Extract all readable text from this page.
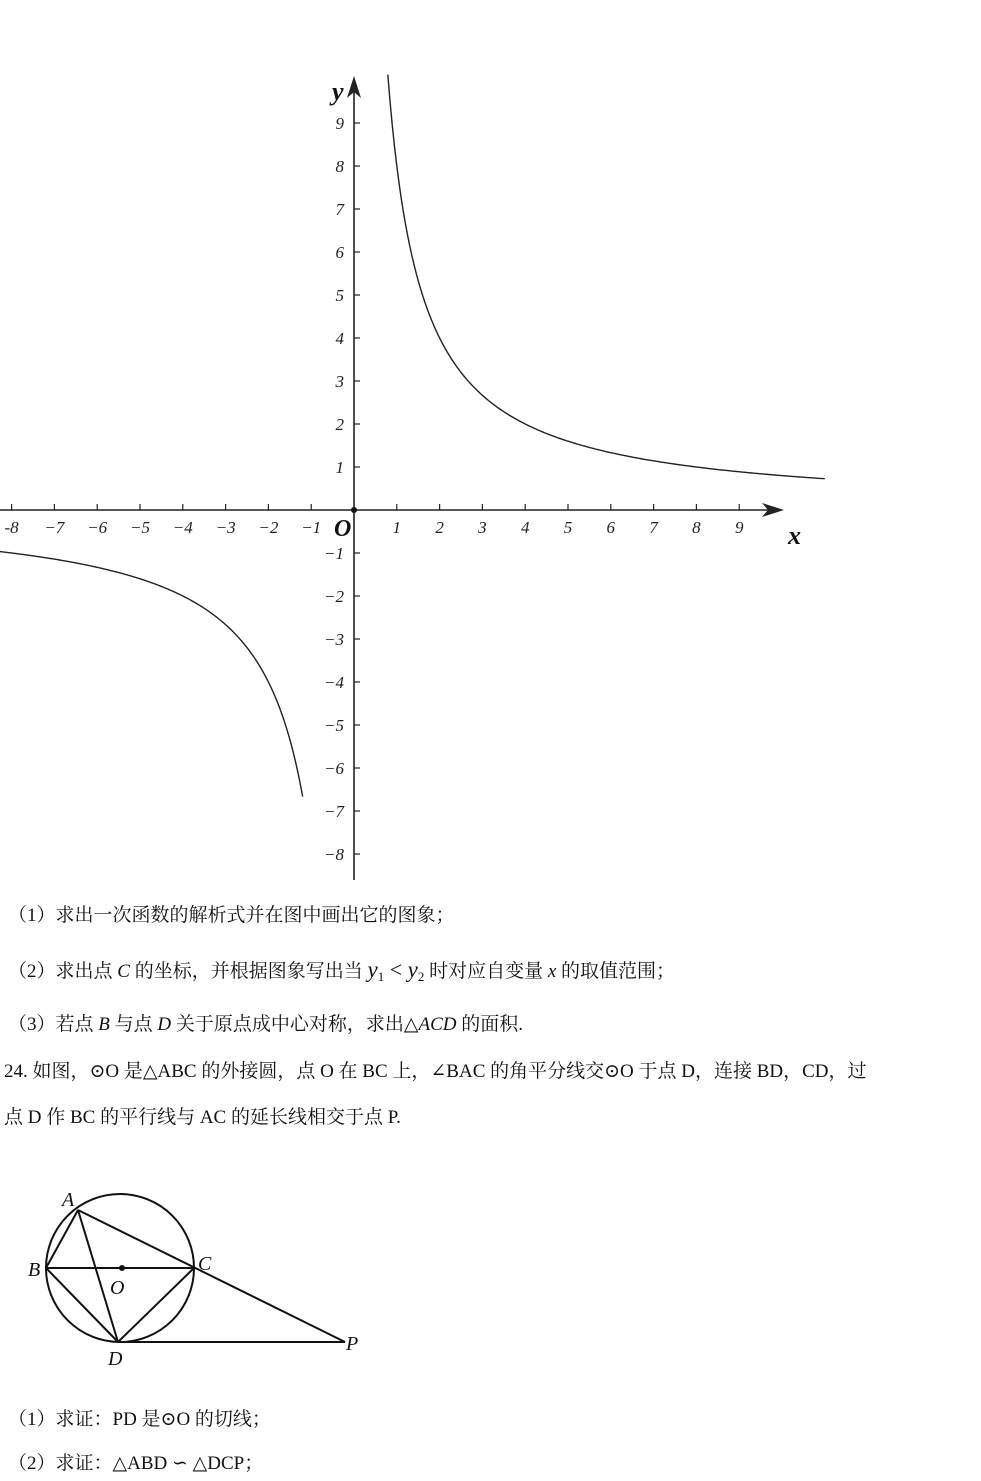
-8 −7 −6 −5 −4 −3 −2 −1	1 2 3 4 5 6 7 8 9
9
8
7
6
5
4
3
2
1
−1
−2
−3
−4
−5
−6
−7
−8
x
y
O
（1）求出一次函数的解析式并在图中画出它的图象；
（2）求出点 C 的坐标，并根据图象写出当 $y_1 < y_2$ 时对应自变量 x 的取值范围；
（3）若点 B 与点 D 关于原点成中心对称，求出△ACD 的面积.
24. 如图，⊙O 是△ABC 的外接圆，点 O 在 BC 上，∠BAC 的角平分线交⊙O 于点 D，连接 BD，CD，过
点 D 作 BC 的平行线与 AC 的延长线相交于点 P.
A
B	C
O
D
P
（1）求证：PD 是⊙O 的切线；
（2）求证：△ABD ∽ △DCP；
